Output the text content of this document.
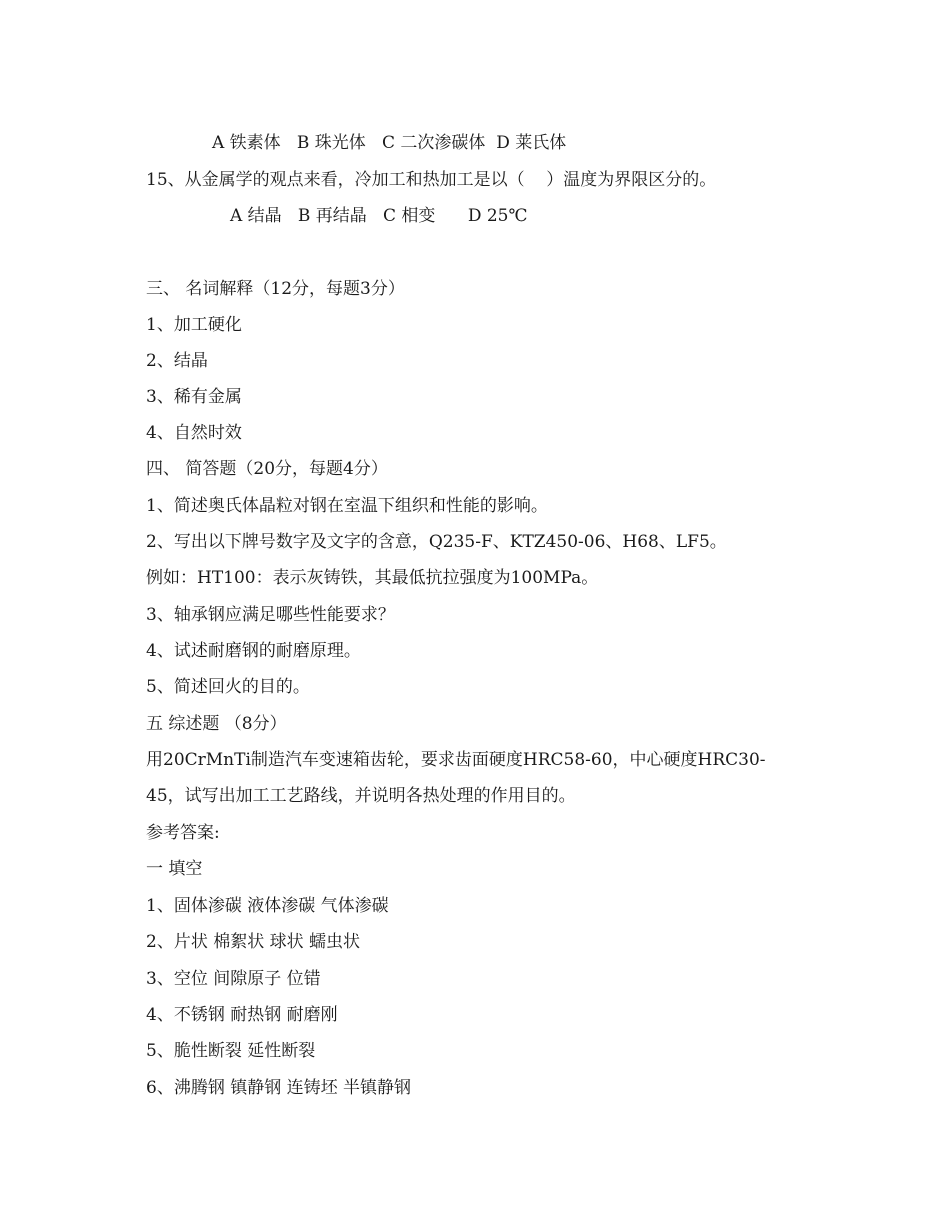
A 铁素体   B 珠光体   C 二次渗碳体  D 莱氏体
15、从金属学的观点来看，冷加工和热加工是以（    ）温度为界限区分的。
A 结晶   B 再结晶   C 相变      D 25℃
三、 名词解释（12分，每题3分）
1、加工硬化
2、结晶
3、稀有金属
4、自然时效
四、 简答题（20分，每题4分）
1、简述奥氏体晶粒对钢在室温下组织和性能的影响。
2、写出以下牌号数字及文字的含意，Q235-F、KTZ450-06、H68、LF5。
例如：HT100：表示灰铸铁，其最低抗拉强度为100MPa。
3、轴承钢应满足哪些性能要求？
4、试述耐磨钢的耐磨原理。
5、简述回火的目的。
五 综述题 （8分）
用20CrMnTi制造汽车变速箱齿轮，要求齿面硬度HRC58-60，中心硬度HRC30-
45，试写出加工工艺路线，并说明各热处理的作用目的。
参考答案:
一 填空
1、固体渗碳 液体渗碳 气体渗碳
2、片状 棉絮状 球状 蠕虫状
3、空位 间隙原子 位错
4、不锈钢 耐热钢 耐磨刚
5、脆性断裂 延性断裂
6、沸腾钢 镇静钢 连铸坯 半镇静钢
